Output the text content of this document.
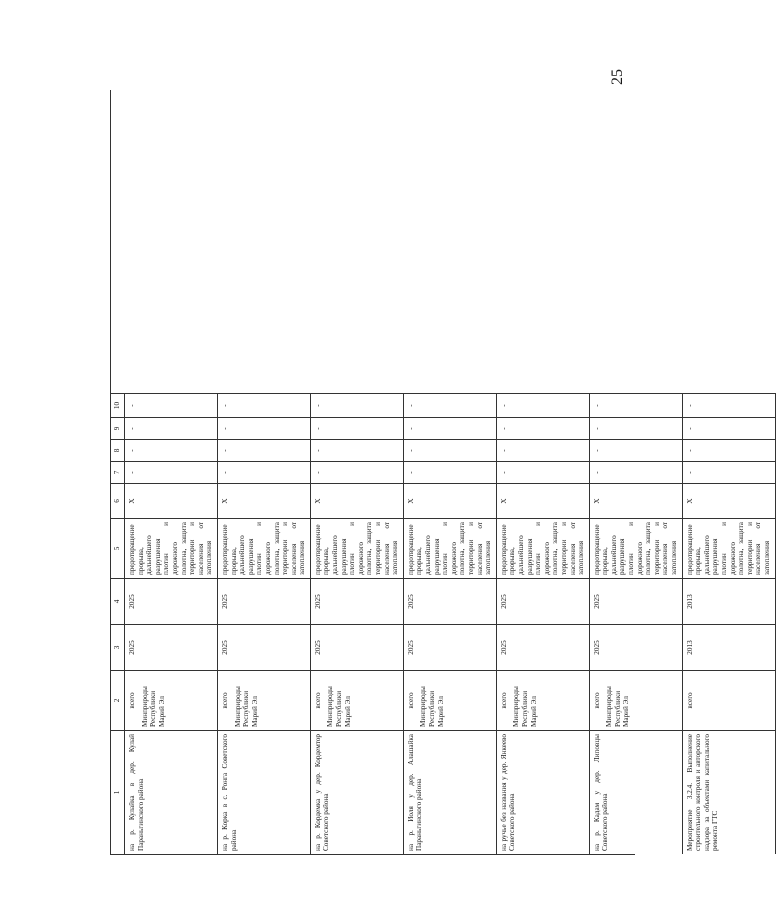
25
1
2
3
4
5
6
7
8
9
10
на р. Кулайка в дер. Кулай Параньгинского района
всего Минприроды Республики Марий Эл
2025
2025
предотвращение прорыва, дальнейшего разрушения плотин и дорожного полотна, защита территории и населения от затопления
X
-
-
-
-
на р. Корка в с. Ронга Советского района
всего Минприроды Республики Марий Эл
2025
2025
предотвращение прорыва, дальнейшего разрушения плотин и дорожного полотна, защита территории и населения от затопления
X
-
-
-
-
на р. Кордемка у дер. Кордемтор Советского района
всего Минприроды Республики Марий Эл
2025
2025
предотвращение прорыва, дальнейшего разрушения плотин и дорожного полотна, защита территории и населения от затопления
X
-
-
-
-
на р. Иоля у дер. Алашайка Параньгинского района
всего Минприроды Республики Марий Эл
2025
2025
предотвращение прорыва, дальнейшего разрушения плотин и дорожного полотна, защита территории и населения от затопления
X
-
-
-
-
на ручье без названия у дер. Янкеево Советского района
всего Минприроды Республики Марий Эл
2025
2025
предотвращение прорыва, дальнейшего разрушения плотин и дорожного полотна, защита территории и населения от затопления
X
-
-
-
-
на р. Кадам у дер. Липовцы Советского района
всего Минприроды Республики Марий Эл
2025
2025
предотвращение прорыва, дальнейшего разрушения плотин и дорожного полотна, защита территории и населения от затопления
X
-
-
-
-
Мероприятие 3.2.4. Выполнение строительного контроля и авторского надзора за объектами капитального ремонта ГТС
всего
2013
2013
предотвращение прорыва, дальнейшего разрушения плотин и дорожного полотна, защита территории и населения от затопления
X
-
-
-
-
